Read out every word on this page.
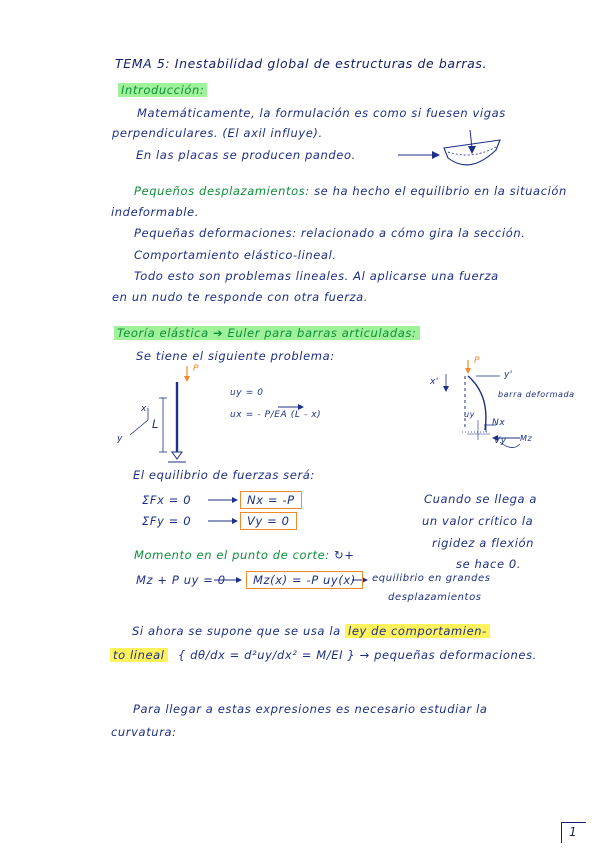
TEMA 5: Inestabilidad global de estructuras de barras.
Introducción:
Matemáticamente, la formulación es como si fuesen vigas
perpendiculares. (El axil influye).
En las placas se producen pandeo.
Pequeños desplazamientos: se ha hecho el equilibrio en la situación
indeformable.
Pequeñas deformaciones: relacionado a cómo gira la sección.
Comportamiento elástico-lineal.
Todo esto son problemas lineales. Al aplicarse una fuerza
en un nudo te responde con otra fuerza.
Teoría elástica ➔ Euler para barras articuladas:
Se tiene el siguiente problema:
P
L
x
y
uy = 0
ux = - P/EA (L - x)
x'
y'
barra deformada
uy
Nx
Vy Mz
P
El equilibrio de fuerzas será:
ΣFx = 0	Nx = -P
ΣFy = 0	Vy = 0
Cuando se llega a
un valor crítico la
rigidez a flexión
se hace 0.
Momento en el punto de corte: ↻+
Mz + P uy = 0	Mz(x) = -P uy(x)	equilibrio en grandes
desplazamientos
Si ahora se supone que se usa la ley de comportamien-
to lineal { dθ/dx = d²uy/dx² = M/EI } → pequeñas deformaciones.
Para llegar a estas expresiones es necesario estudiar la
curvatura:
1
